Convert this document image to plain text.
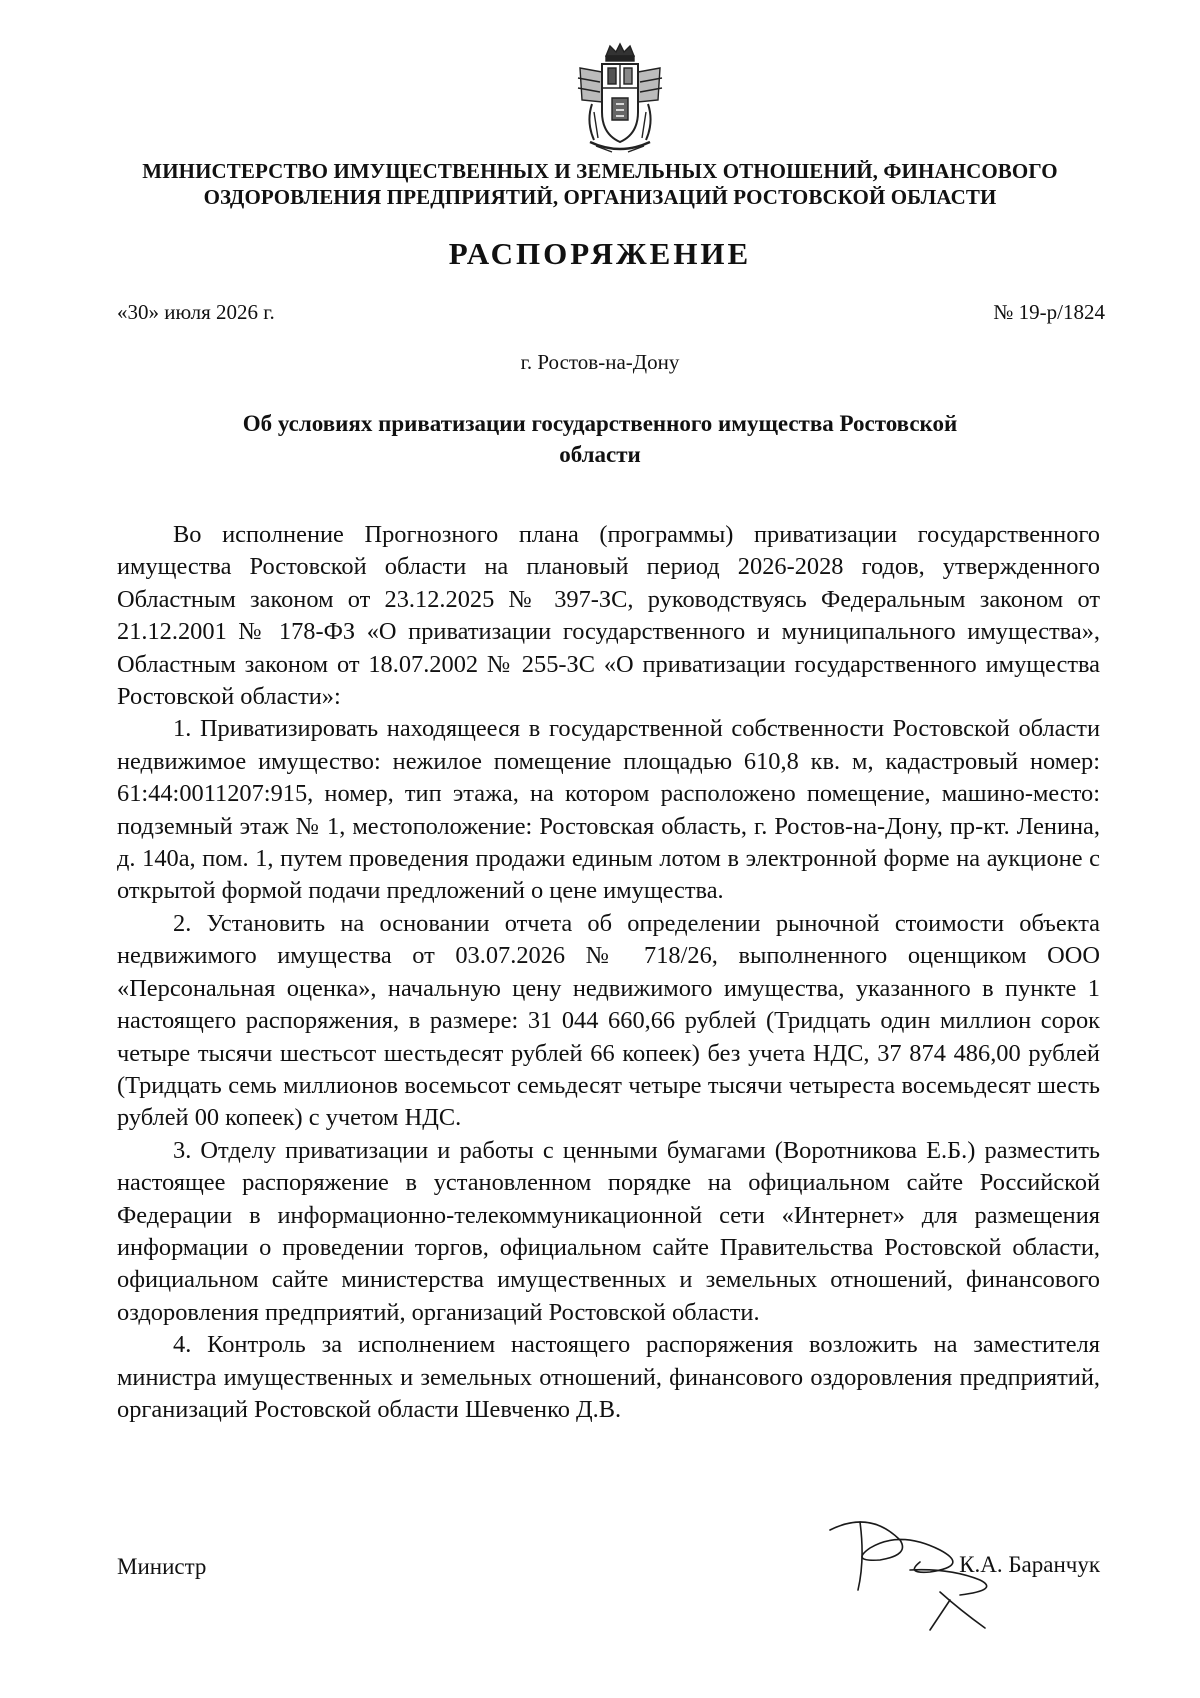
МИНИСТЕРСТВО ИМУЩЕСТВЕННЫХ И ЗЕМЕЛЬНЫХ ОТНОШЕНИЙ, ФИНАНСОВОГО ОЗДОРОВЛЕНИЯ ПРЕДПРИЯТИЙ, ОРГАНИЗАЦИЙ РОСТОВСКОЙ ОБЛАСТИ
РАСПОРЯЖЕНИЕ
«30» июля 2026 г.	№ 19-р/1824
г. Ростов-на-Дону
Об условиях приватизации государственного имущества Ростовской области

Во исполнение Прогнозного плана (программы) приватизации государственного имущества Ростовской области на плановый период 2026-2028 годов, утвержденного Областным законом от 23.12.2025 № 397-ЗС, руководствуясь Федеральным законом от 21.12.2001 № 178-ФЗ «О приватизации государственного и муниципального имущества», Областным законом от 18.07.2002 № 255-ЗС «О приватизации государственного имущества Ростовской области»:

1. Приватизировать находящееся в государственной собственности Ростовской области недвижимое имущество: нежилое помещение площадью 610,8 кв. м, кадастровый номер: 61:44:0011207:915, номер, тип этажа, на котором расположено помещение, машино-место: подземный этаж № 1, местоположение: Ростовская область, г. Ростов-на-Дону, пр-кт. Ленина, д. 140а, пом. 1, путем проведения продажи единым лотом в электронной форме на аукционе с открытой формой подачи предложений о цене имущества.

2. Установить на основании отчета об определении рыночной стоимости объекта недвижимого имущества от 03.07.2026 № 718/26, выполненного оценщиком ООО «Персональная оценка», начальную цену недвижимого имущества, указанного в пункте 1 настоящего распоряжения, в размере: 31 044 660,66 рублей (Тридцать один миллион сорок четыре тысячи шестьсот шестьдесят рублей 66 копеек) без учета НДС, 37 874 486,00 рублей (Тридцать семь миллионов восемьсот семьдесят четыре тысячи четыреста восемьдесят шесть рублей 00 копеек) с учетом НДС.

3. Отделу приватизации и работы с ценными бумагами (Воротникова Е.Б.) разместить настоящее распоряжение в установленном порядке на официальном сайте Российской Федерации в информационно-телекоммуникационной сети «Интернет» для размещения информации о проведении торгов, официальном сайте Правительства Ростовской области, официальном сайте министерства имущественных и земельных отношений, финансового оздоровления предприятий, организаций Ростовской области.

4. Контроль за исполнением настоящего распоряжения возложить на заместителя министра имущественных и земельных отношений, финансового оздоровления предприятий, организаций Ростовской области Шевченко Д.В.

Министр	К.А. Баранчук
